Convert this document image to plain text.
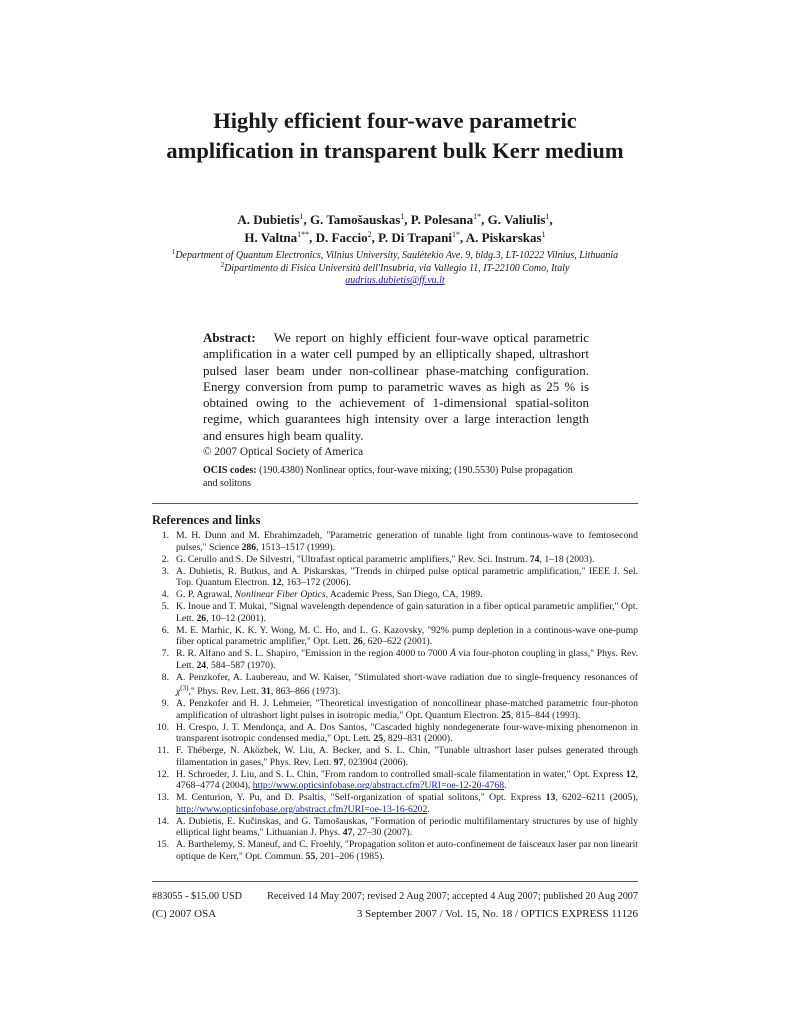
Highly efficient four-wave parametric amplification in transparent bulk Kerr medium
A. Dubietis$^1$, G. Tamošauskas$^1$, P. Polesana$^{1*}$, G. Valiulis$^1$,
H. Valtna$^{1**}$, D. Faccio$^2$, P. Di Trapani$^{1*}$, A. Piskarskas$^1$
$^1$Department of Quantum Electronics, Vilnius University, Saulėtekio Ave. 9, bldg.3, LT-10222 Vilnius, Lithuania
$^2$Dipartimento di Fisica Università dell'Insubria, via Vallegio 11, IT-22100 Como, Italy
audrius.dubietis@ff.vu.lt
Abstract: We report on highly efficient four-wave optical parametric amplification in a water cell pumped by an elliptically shaped, ultrashort pulsed laser beam under non-collinear phase-matching configuration. Energy conversion from pump to parametric waves as high as 25 % is obtained owing to the achievement of 1-dimensional spatial-soliton regime, which guarantees high intensity over a large interaction length and ensures high beam quality.
© 2007 Optical Society of America
OCIS codes: (190.4380) Nonlinear optics, four-wave mixing; (190.5530) Pulse propagation and solitons
References and links
1. M. H. Dunn and M. Ebrahimzadeh, "Parametric generation of tunable light from continous-wave to femtosecond pulses," Science 286, 1513–1517 (1999).
2. G. Cerullo and S. De Silvestri, "Ultrafast optical parametric amplifiers," Rev. Sci. Instrum. 74, 1–18 (2003).
3. A. Dubietis, R. Butkus, and A. Piskarskas, "Trends in chirped pulse optical parametric amplification," IEEE J. Sel. Top. Quantum Electron. 12, 163–172 (2006).
4. G. P. Agrawal, Nonlinear Fiber Optics, Academic Press, San Diego, CA, 1989.
5. K. Inoue and T. Mukai, "Signal wavelength dependence of gain saturation in a fiber optical parametric amplifier," Opt. Lett. 26, 10–12 (2001).
6. M. E. Marhic, K. K. Y. Wong, M. C. Ho, and L. G. Kazovsky, "92% pump depletion in a continous-wave one-pump fiber optical parametric amplifier," Opt. Lett. 26, 620–622 (2001).
7. R. R. Alfano and S. L. Shapiro, "Emission in the region 4000 to 7000 Å via four-photon coupling in glass," Phys. Rev. Lett. 24, 584–587 (1970).
8. A. Penzkofer, A. Laubereau, and W. Kaiser, "Stimulated short-wave radiation due to single-frequency resonances of $\chi^{(3)}$," Phys. Rev. Lett. 31, 863–866 (1973).
9. A. Penzkofer and H. J. Lehmeier, "Theoretical investigation of noncollinear phase-matched parametric four-photon amplification of ultrashort light pulses in isotropic media," Opt. Quantum Electron. 25, 815–844 (1993).
10. H. Crespo, J. T. Mendonça, and A. Dos Santos, "Cascaded highly nondegenerate four-wave-mixing phenomenon in transparent isotropic condensed media," Opt. Lett. 25, 829–831 (2000).
11. F. Théberge, N. Aközbek, W. Liu, A. Becker, and S. L. Chin, "Tunable ultrashort laser pulses generated through filamentation in gases," Phys. Rev. Lett. 97, 023904 (2006).
12. H. Schroeder, J. Liu, and S. L. Chin, "From random to controlled small-scale filamentation in water," Opt. Express 12, 4768–4774 (2004), http://www.opticsinfobase.org/abstract.cfm?URI=oe-12-20-4768.
13. M. Centurion, Y. Pu, and D. Psaltis, "Self-organization of spatial solitons," Opt. Express 13, 6202–6211 (2005), http://www.opticsinfobase.org/abstract.cfm?URI=oe-13-16-6202.
14. A. Dubietis, E. Kučinskas, and G. Tamošauskas, "Formation of periodic multifilamentary structures by use of highly elliptical light beams," Lithuanian J. Phys. 47, 27–30 (2007).
15. A. Barthelemy, S. Maneuf, and C. Froehly, "Propagation soliton et auto-confinement de faisceaux laser par non linearit optique de Kerr," Opt. Commun. 55, 201–206 (1985).
#83055 - $15.00 USD Received 14 May 2007; revised 2 Aug 2007; accepted 4 Aug 2007; published 20 Aug 2007
(C) 2007 OSA	3 September 2007 / Vol. 15, No. 18 / OPTICS EXPRESS 11126
